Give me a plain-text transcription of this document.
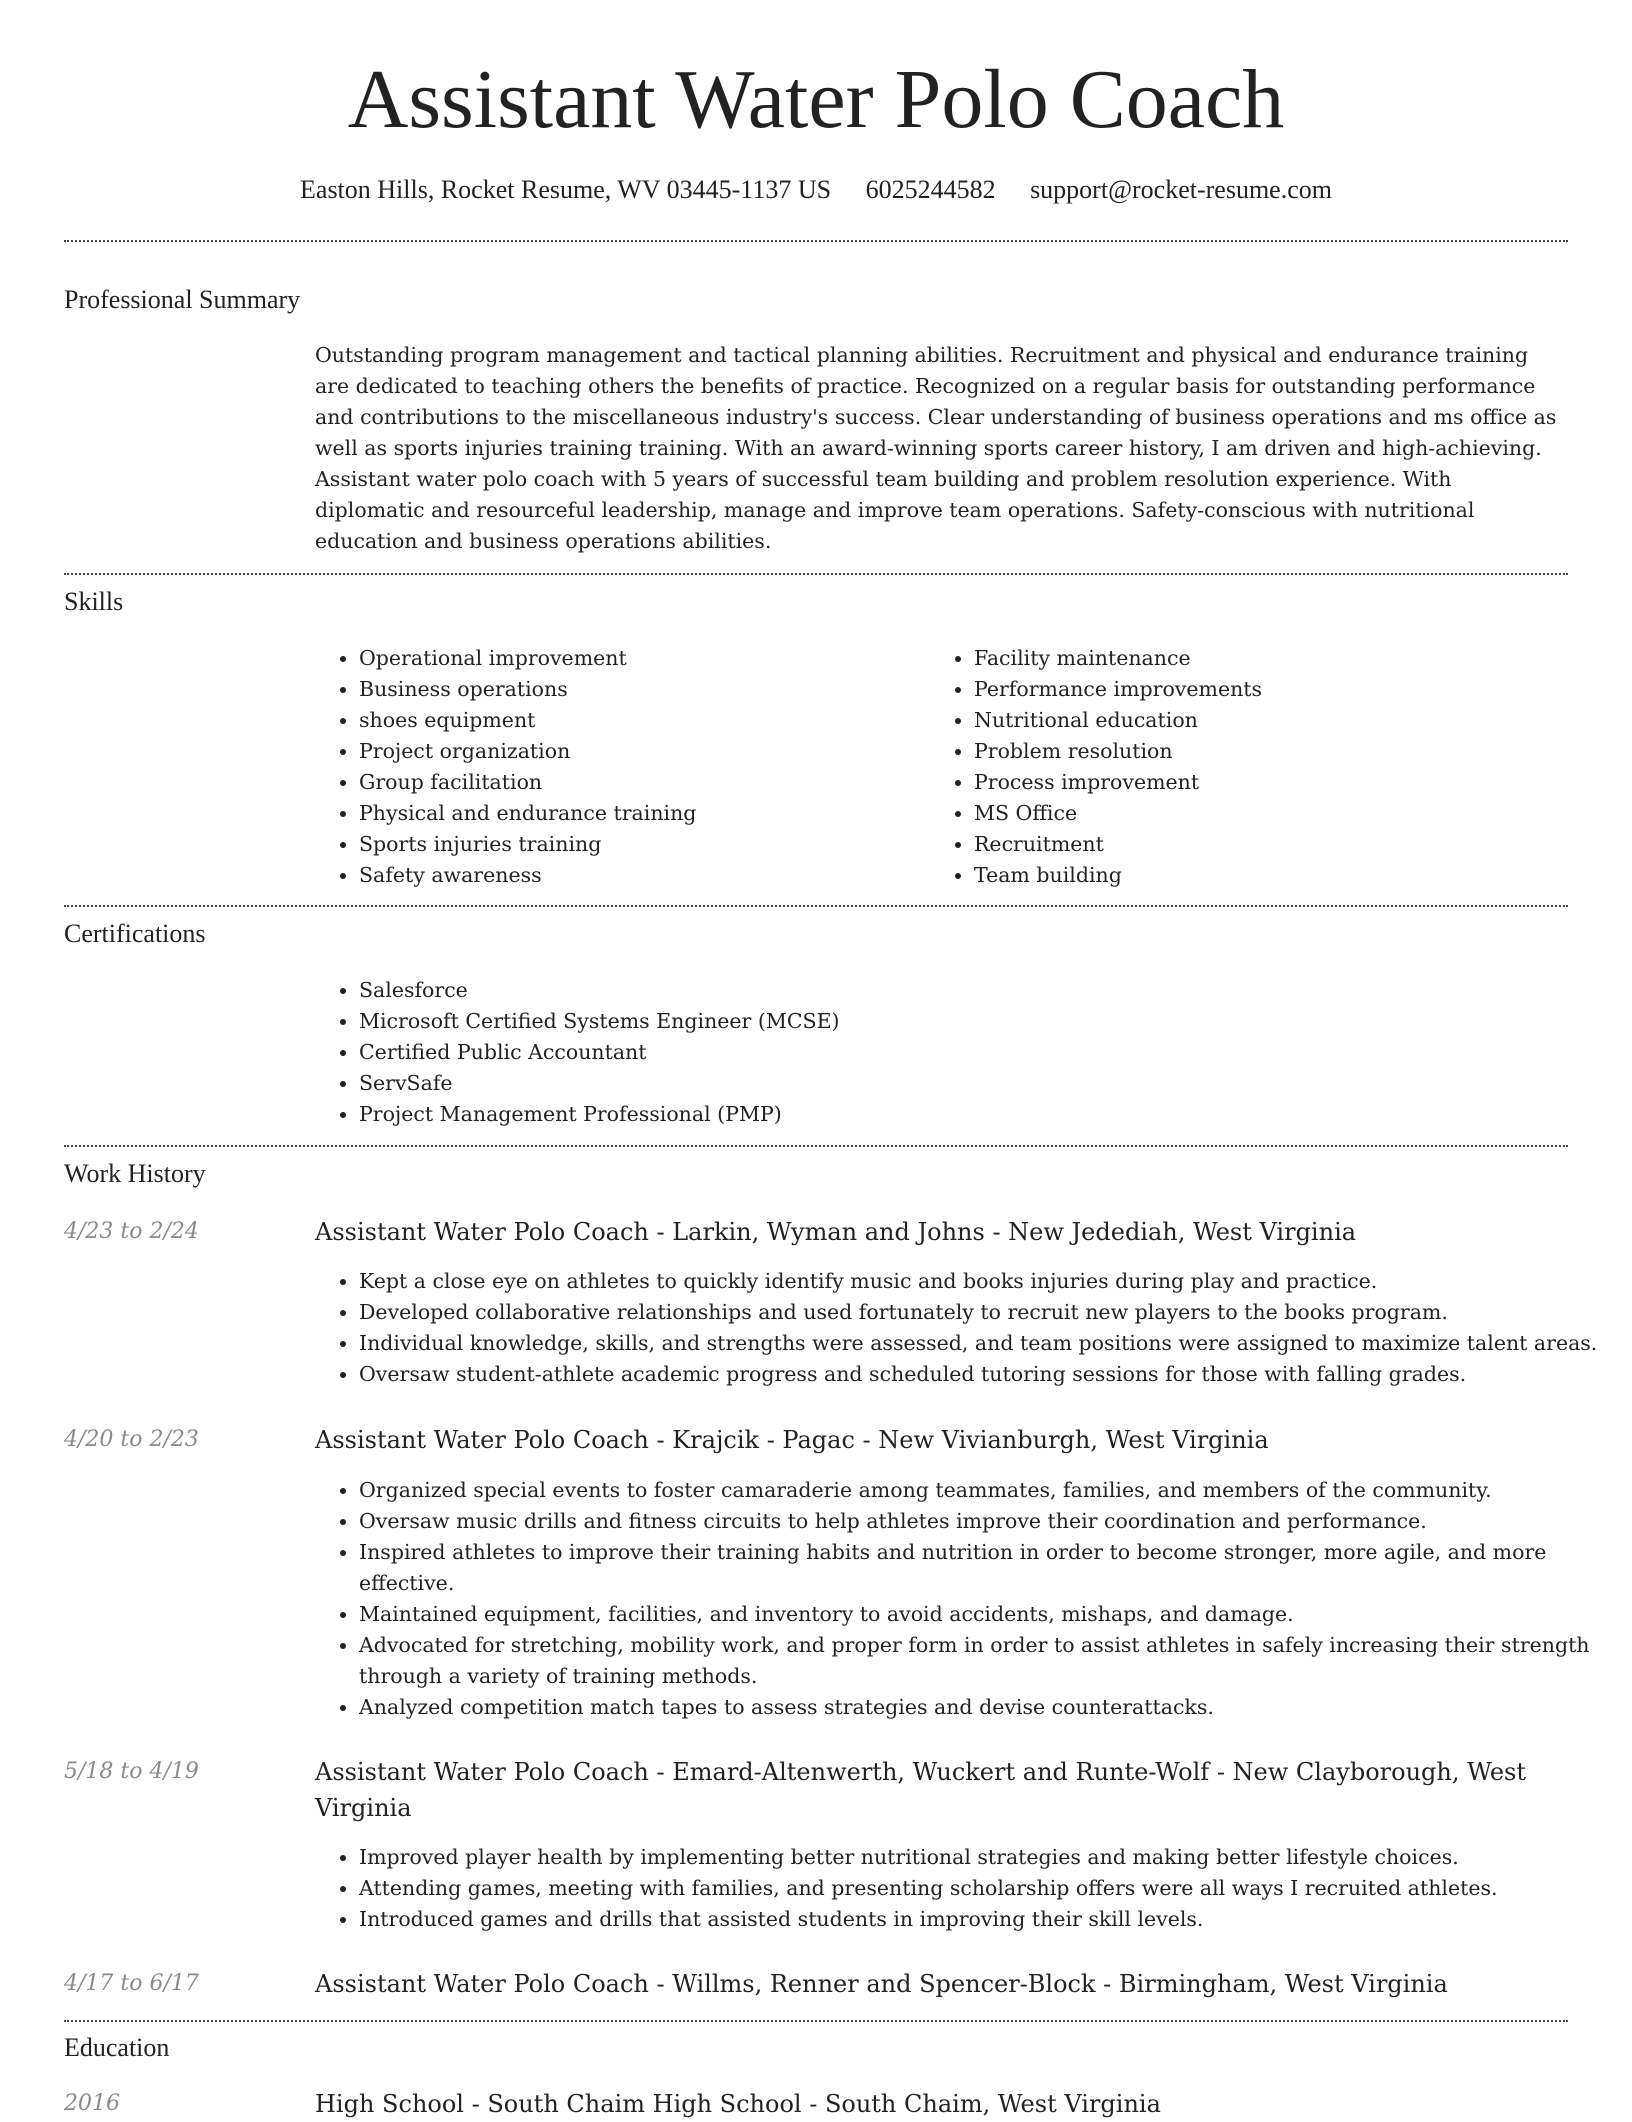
Assistant Water Polo Coach
Easton Hills, Rocket Resume, WV 03445-1137 US 6025244582 support@rocket-resume.com
Professional Summary

Outstanding program management and tactical planning abilities. Recruitment and physical and endurance training are dedicated to teaching others the benefits of practice. Recognized on a regular basis for outstanding performance and contributions to the miscellaneous industry's success. Clear understanding of business operations and ms office as well as sports injuries training training. With an award-winning sports career history, I am driven and high-achieving. Assistant water polo coach with 5 years of successful team building and problem resolution experience. With diplomatic and resourceful leadership, manage and improve team operations. Safety-conscious with nutritional education and business operations abilities.

Skills
• Operational improvement
• Business operations
• shoes equipment
• Project organization
• Group facilitation
• Physical and endurance training
• Sports injuries training
• Safety awareness
• Facility maintenance
• Performance improvements
• Nutritional education
• Problem resolution
• Process improvement
• MS Office
• Recruitment
• Team building
Certifications
• Salesforce
• Microsoft Certified Systems Engineer (MCSE)
• Certified Public Accountant
• ServSafe
• Project Management Professional (PMP)
Work History
4/23 to 2/24	Assistant Water Polo Coach - Larkin, Wyman and Johns - New Jedediah, West Virginia
• Kept a close eye on athletes to quickly identify music and books injuries during play and practice.
• Developed collaborative relationships and used fortunately to recruit new players to the books program.
• Individual knowledge, skills, and strengths were assessed, and team positions were assigned to maximize talent areas.
• Oversaw student-athlete academic progress and scheduled tutoring sessions for those with falling grades.
4/20 to 2/23	Assistant Water Polo Coach - Krajcik - Pagac - New Vivianburgh, West Virginia
• Organized special events to foster camaraderie among teammates, families, and members of the community.
• Oversaw music drills and fitness circuits to help athletes improve their coordination and performance.
• Inspired athletes to improve their training habits and nutrition in order to become stronger, more agile, and more effective.
• Maintained equipment, facilities, and inventory to avoid accidents, mishaps, and damage.
• Advocated for stretching, mobility work, and proper form in order to assist athletes in safely increasing their strength through a variety of training methods.
• Analyzed competition match tapes to assess strategies and devise counterattacks.
5/18 to 4/19	Assistant Water Polo Coach - Emard-Altenwerth, Wuckert and Runte-Wolf - New Clayborough, West Virginia
• Improved player health by implementing better nutritional strategies and making better lifestyle choices.
• Attending games, meeting with families, and presenting scholarship offers were all ways I recruited athletes.
• Introduced games and drills that assisted students in improving their skill levels.
4/17 to 6/17	Assistant Water Polo Coach - Willms, Renner and Spencer-Block - Birmingham, West Virginia
Education
2016	High School - South Chaim High School - South Chaim, West Virginia
